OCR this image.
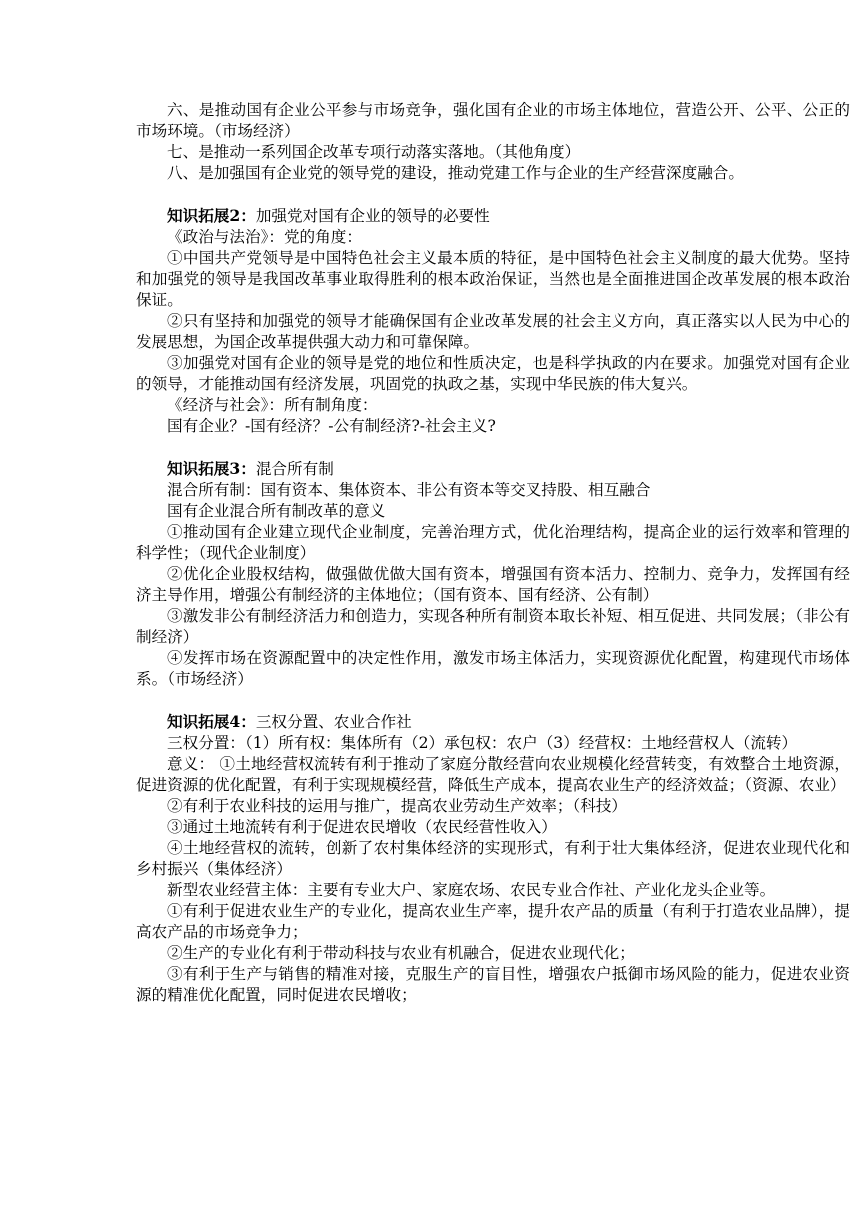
六、是推动国有企业公平参与市场竞争，强化国有企业的市场主体地位，营造公开、公平、公正的市场环境。（市场经济）

七、是推动一系列国企改革专项行动落实落地。（其他角度）

八、是加强国有企业党的领导党的建设，推动党建工作与企业的生产经营深度融合。

知识拓展2：加强党对国有企业的领导的必要性

《政治与法治》：党的角度：

①中国共产党领导是中国特色社会主义最本质的特征，是中国特色社会主义制度的最大优势。坚持和加强党的领导是我国改革事业取得胜利的根本政治保证，当然也是全面推进国企改革发展的根本政治保证。

②只有坚持和加强党的领导才能确保国有企业改革发展的社会主义方向，真正落实以人民为中心的发展思想，为国企改革提供强大动力和可靠保障。

③加强党对国有企业的领导是党的地位和性质决定，也是科学执政的内在要求。加强党对国有企业的领导，才能推动国有经济发展，巩固党的执政之基，实现中华民族的伟大复兴。

《经济与社会》：所有制角度：

国有企业？-国有经济？-公有制经济?-社会主义?

知识拓展3：混合所有制

混合所有制：国有资本、集体资本、非公有资本等交叉持股、相互融合

国有企业混合所有制改革的意义

①推动国有企业建立现代企业制度，完善治理方式，优化治理结构，提高企业的运行效率和管理的科学性；（现代企业制度）

②优化企业股权结构，做强做优做大国有资本，增强国有资本活力、控制力、竞争力，发挥国有经济主导作用，增强公有制经济的主体地位；（国有资本、国有经济、公有制）

③激发非公有制经济活力和创造力，实现各种所有制资本取长补短、相互促进、共同发展；（非公有制经济）

④发挥市场在资源配置中的决定性作用，激发市场主体活力，实现资源优化配置，构建现代市场体系。（市场经济）

知识拓展4：三权分置、农业合作社

三权分置：（1）所有权：集体所有（2）承包权：农户（3）经营权：土地经营权人（流转）

意义： ①土地经营权流转有利于推动了家庭分散经营向农业规模化经营转变，有效整合土地资源，促进资源的优化配置，有利于实现规模经营，降低生产成本，提高农业生产的经济效益；（资源、农业）

②有利于农业科技的运用与推广，提高农业劳动生产效率；（科技）

③通过土地流转有利于促进农民增收（农民经营性收入）

④土地经营权的流转，创新了农村集体经济的实现形式，有利于壮大集体经济，促进农业现代化和乡村振兴（集体经济）

新型农业经营主体：主要有专业大户、家庭农场、农民专业合作社、产业化龙头企业等。

①有利于促进农业生产的专业化，提高农业生产率，提升农产品的质量（有利于打造农业品牌），提高农产品的市场竞争力；

②生产的专业化有利于带动科技与农业有机融合，促进农业现代化；

③有利于生产与销售的精准对接，克服生产的盲目性，增强农户抵御市场风险的能力，促进农业资源的精准优化配置，同时促进农民增收；
